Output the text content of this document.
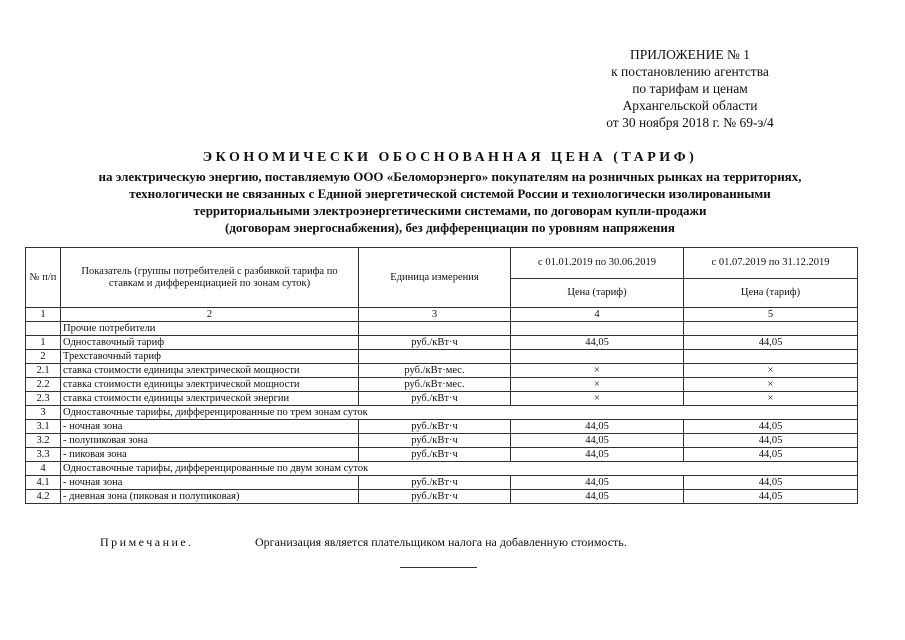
ПРИЛОЖЕНИЕ № 1
к постановлению агентства
по тарифам и ценам
Архангельской области
от 30 ноября 2018 г. № 69-э/4
ЭКОНОМИЧЕСКИ ОБОСНОВАННАЯ ЦЕНА (ТАРИФ)
на электрическую энергию, поставляемую ООО «Беломорэнерго» покупателям на розничных рынках на территориях,
технологически не связанных с Единой энергетической системой России и технологически изолированными
территориальными электроэнергетическими системами, по договорам купли-продажи
(договорам энергоснабжения), без дифференциации по уровням напряжения
№ п/п	Показатель (группы потребителей с разбивкой тарифа по ставкам и дифференциацией по зонам суток)	Единица измерения	с 01.01.2019 по 30.06.2019	с 01.07.2019 по 31.12.2019
			Цена (тариф)	Цена (тариф)
1	2	3	4	5
	Прочие потребители			
1	Одноставочный тариф	руб./кВт·ч	44,05	44,05
2	Трехставочный тариф			
2.1	ставка стоимости единицы электрической мощности	руб./кВт·мес.	×	×
2.2	ставка стоимости единицы электрической мощности	руб./кВт·мес.	×	×
2.3	ставка стоимости единицы электрической энергии	руб./кВт·ч	×	×
3	Одноставочные тарифы, дифференцированные по трем зонам суток			
3.1	- ночная зона	руб./кВт·ч	44,05	44,05
3.2	- полупиковая зона	руб./кВт·ч	44,05	44,05
3.3	- пиковая зона	руб./кВт·ч	44,05	44,05
4	Одноставочные тарифы, дифференцированные по двум зонам суток			
4.1	- ночная зона	руб./кВт·ч	44,05	44,05
4.2	- дневная зона (пиковая и полупиковая)	руб./кВт·ч	44,05	44,05
Примечание.	Организация является плательщиком налога на добавленную стоимость.
